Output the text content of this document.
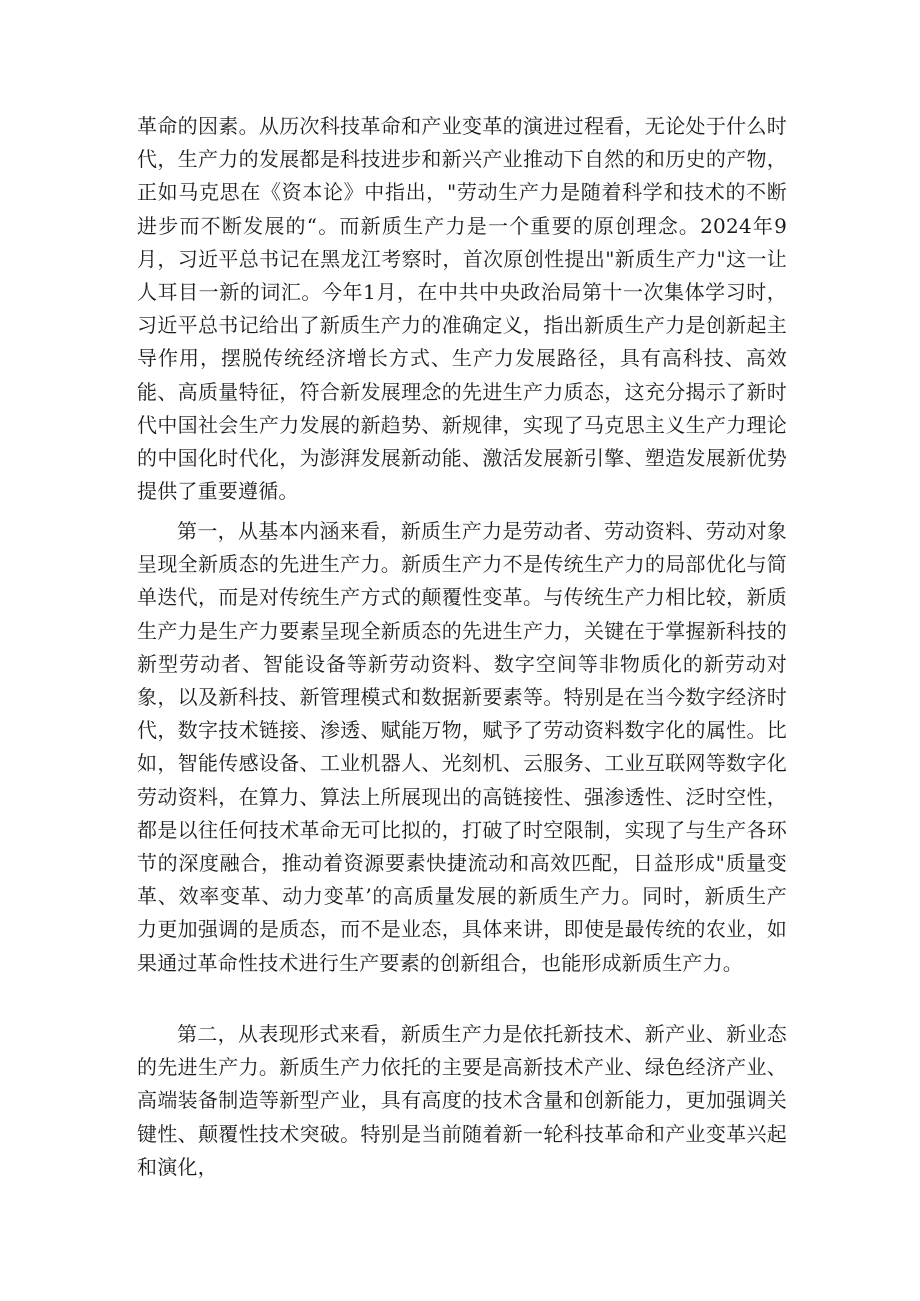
革命的因素。从历次科技革命和产业变革的演进过程看，无论处于什么时代，生产力的发展都是科技进步和新兴产业推动下自然的和历史的产物，正如马克思在《资本论》中指出，"劳动生产力是随着科学和技术的不断进步而不断发展的“。而新质生产力是一个重要的原创理念。2024年9月，习近平总书记在黑龙江考察时，首次原创性提出"新质生产力"这一让人耳目一新的词汇。今年1月，在中共中央政治局第十一次集体学习时，习近平总书记给出了新质生产力的准确定义，指出新质生产力是创新起主导作用，摆脱传统经济增长方式、生产力发展路径，具有高科技、高效能、高质量特征，符合新发展理念的先进生产力质态，这充分揭示了新时代中国社会生产力发展的新趋势、新规律，实现了马克思主义生产力理论的中国化时代化，为澎湃发展新动能、激活发展新引擎、塑造发展新优势提供了重要遵循。

第一，从基本内涵来看，新质生产力是劳动者、劳动资料、劳动对象呈现全新质态的先进生产力。新质生产力不是传统生产力的局部优化与简单迭代，而是对传统生产方式的颠覆性变革。与传统生产力相比较，新质生产力是生产力要素呈现全新质态的先进生产力，关键在于掌握新科技的新型劳动者、智能设备等新劳动资料、数字空间等非物质化的新劳动对象，以及新科技、新管理模式和数据新要素等。特别是在当今数字经济时代，数字技术链接、渗透、赋能万物，赋予了劳动资料数字化的属性。比如，智能传感设备、工业机器人、光刻机、云服务、工业互联网等数字化劳动资料，在算力、算法上所展现出的高链接性、强渗透性、泛时空性，都是以往任何技术革命无可比拟的，打破了时空限制，实现了与生产各环节的深度融合，推动着资源要素快捷流动和高效匹配，日益形成"质量变革、效率变革、动力变革’的高质量发展的新质生产力。同时，新质生产力更加强调的是质态，而不是业态，具体来讲，即使是最传统的农业，如果通过革命性技术进行生产要素的创新组合，也能形成新质生产力。

第二，从表现形式来看，新质生产力是依托新技术、新产业、新业态的先进生产力。新质生产力依托的主要是高新技术产业、绿色经济产业、高端装备制造等新型产业，具有高度的技术含量和创新能力，更加强调关键性、颠覆性技术突破。特别是当前随着新一轮科技革命和产业变革兴起和演化，
